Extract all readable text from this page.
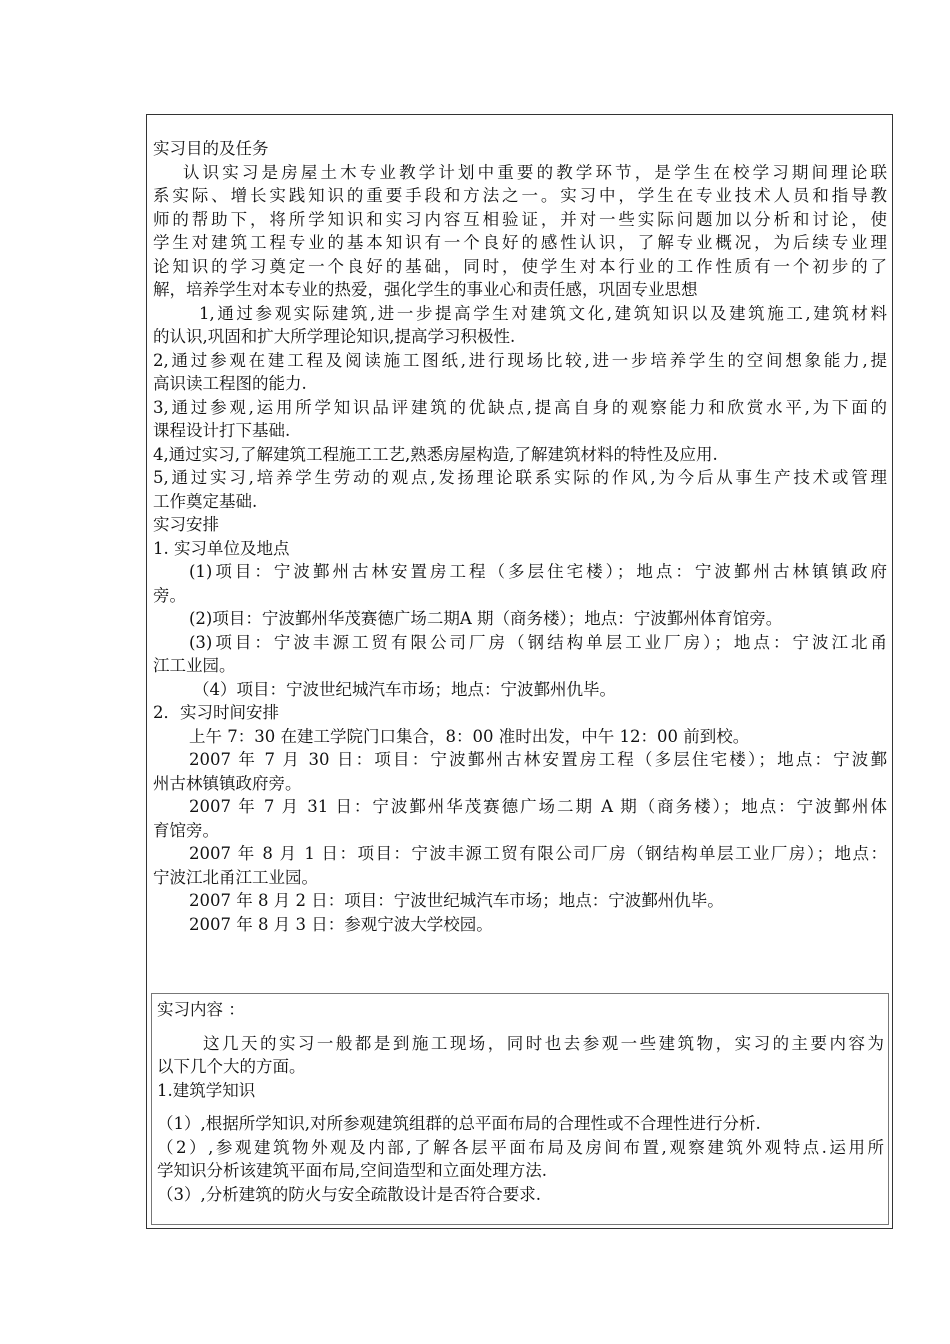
实习目的及任务
认识实习是房屋土木专业教学计划中重要的教学环节，是学生在校学习期间理论联
系实际、增长实践知识的重要手段和方法之一。实习中，学生在专业技术人员和指导教
师的帮助下，将所学知识和实习内容互相验证，并对一些实际问题加以分析和讨论，使
学生对建筑工程专业的基本知识有一个良好的感性认识，了解专业概况，为后续专业理
论知识的学习奠定一个良好的基础，同时，使学生对本行业的工作性质有一个初步的了
解，培养学生对本专业的热爱，强化学生的事业心和责任感，巩固专业思想
1,通过参观实际建筑,进一步提高学生对建筑文化,建筑知识以及建筑施工,建筑材料
的认识,巩固和扩大所学理论知识,提高学习积极性.
2,通过参观在建工程及阅读施工图纸,进行现场比较,进一步培养学生的空间想象能力,提
高识读工程图的能力.
3,通过参观,运用所学知识品评建筑的优缺点,提高自身的观察能力和欣赏水平,为下面的
课程设计打下基础.
4,通过实习,了解建筑工程施工工艺,熟悉房屋构造,了解建筑材料的特性及应用.
5,通过实习,培养学生劳动的观点,发扬理论联系实际的作风,为今后从事生产技术或管理
工作奠定基础.
实习安排
1. 实习单位及地点
(1)项目：宁波鄞州古林安置房工程（多层住宅楼）；地点：宁波鄞州古林镇镇政府
旁。
(2)项目：宁波鄞州华茂赛德广场二期A 期（商务楼）；地点：宁波鄞州体育馆旁。
(3)项目：宁波丰源工贸有限公司厂房（钢结构单层工业厂房）；地点：宁波江北甬
江工业园。
（4）项目：宁波世纪城汽车市场；地点：宁波鄞州仇毕。
2．实习时间安排
上午 7：30 在建工学院门口集合，8：00 准时出发，中午 12：00 前到校。
2007 年 7 月 30 日：项目：宁波鄞州古林安置房工程（多层住宅楼）；地点：宁波鄞
州古林镇镇政府旁。
2007 年 7 月 31 日：宁波鄞州华茂赛德广场二期 A 期（商务楼）；地点：宁波鄞州体
育馆旁。
2007 年 8 月 1 日：项目：宁波丰源工贸有限公司厂房（钢结构单层工业厂房）；地点：
宁波江北甬江工业园。
2007 年 8 月 2 日：项目：宁波世纪城汽车市场；地点：宁波鄞州仇毕。
2007 年 8 月 3 日：参观宁波大学校园。
实习内容 ：
这几天的实习一般都是到施工现场，同时也去参观一些建筑物，实习的主要内容为
以下几个大的方面。
1.建筑学知识
（1）,根据所学知识,对所参观建筑组群的总平面布局的合理性或不合理性进行分析.
（2）,参观建筑物外观及内部,了解各层平面布局及房间布置,观察建筑外观特点.运用所
学知识分析该建筑平面布局,空间造型和立面处理方法.
（3）,分析建筑的防火与安全疏散设计是否符合要求.
